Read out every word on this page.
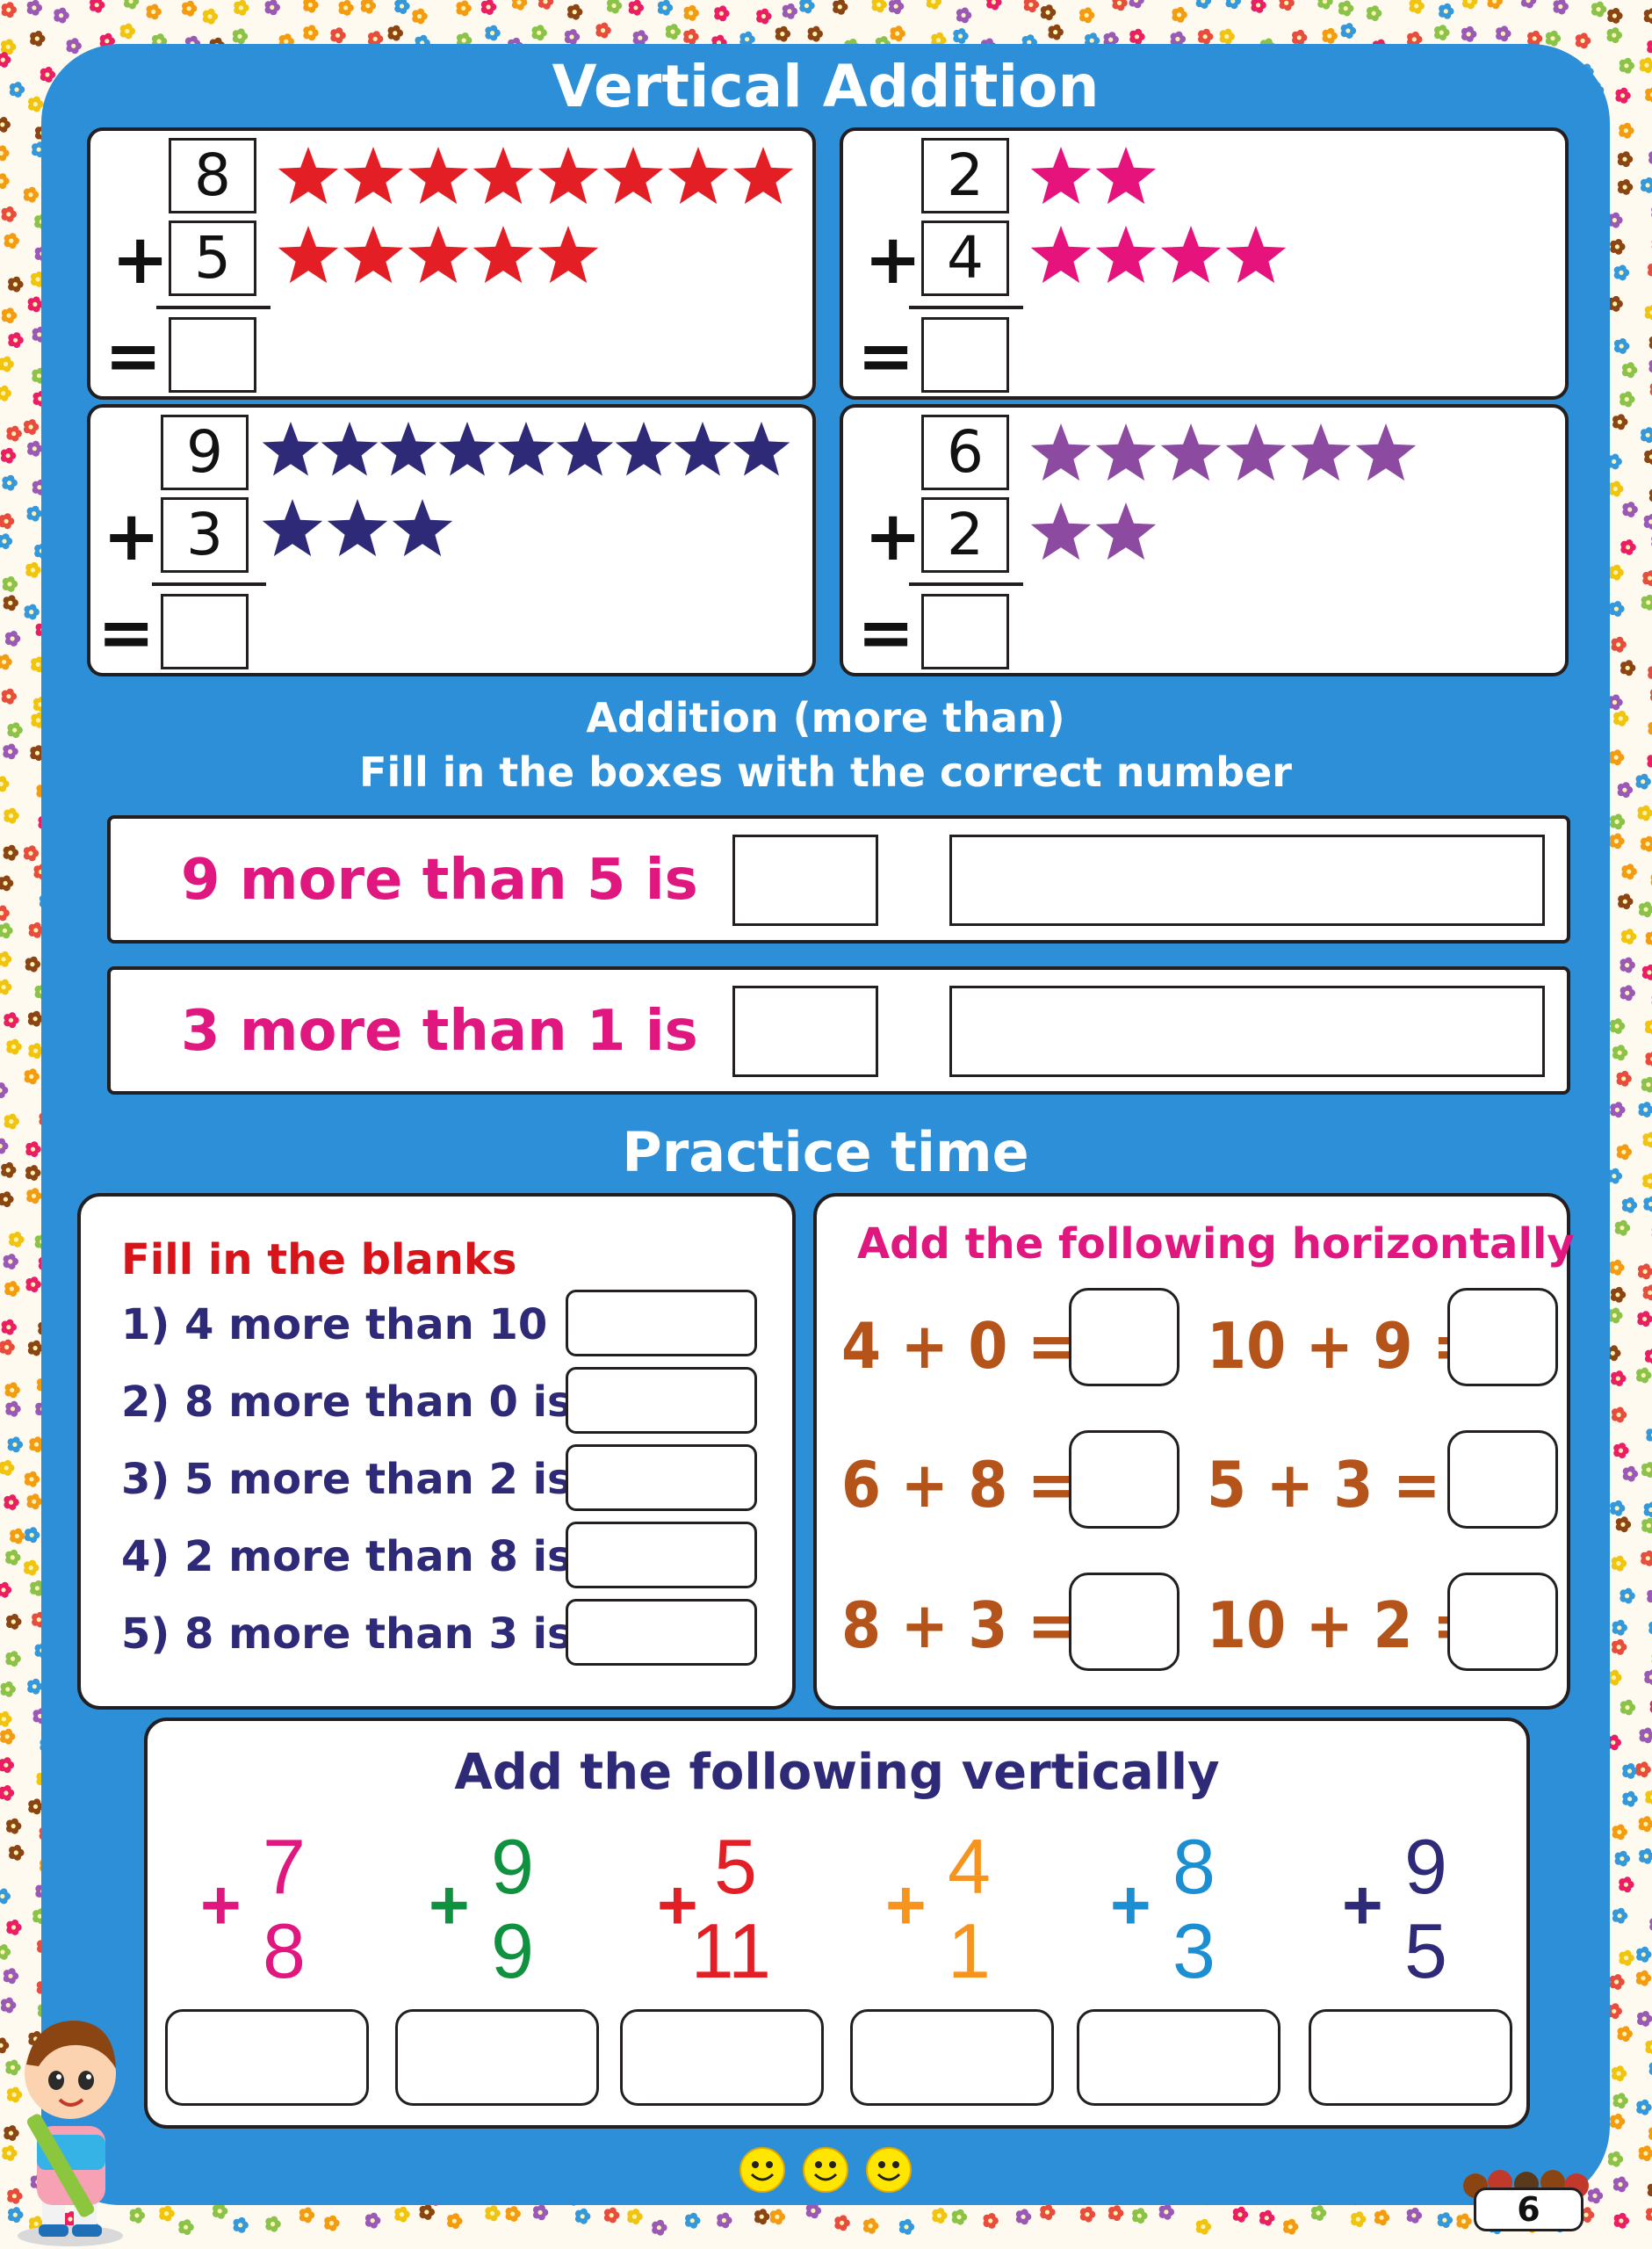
Vertical Addition
+
8
5
=
+
2
4
=
+
9
3
=
+
6
2
=
Addition (more than)
Fill in the boxes with the correct number
9 more than 5 is
3 more than 1 is
Practice time
Fill in the blanks
1) 4 more than 10 is
2) 8 more than 0 is
3) 5 more than 2 is
4) 2 more than 8 is
5) 8 more than 3 is
Add the following horizontally
4 + 0 = 10 + 9 =
6 + 8 = 5 + 3 =
8 + 3 = 10 + 2 =
Add the following vertically
+ 7
8
+ 9
9
+ 5
11
+ 4
1
+ 8
3
+ 9
5
6
